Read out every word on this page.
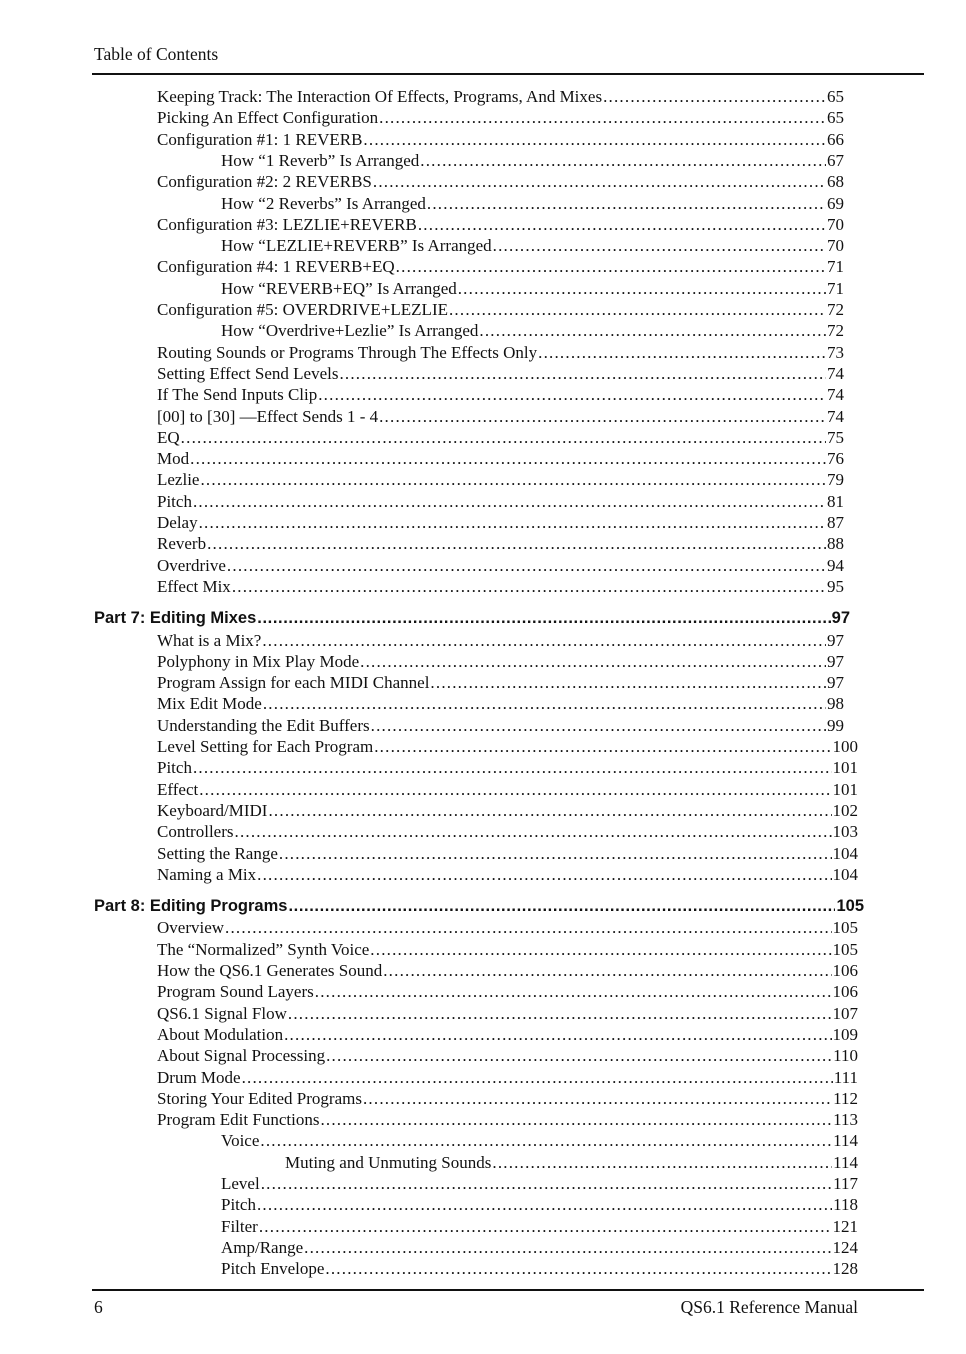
Table of Contents
Keeping Track: The Interaction Of Effects, Programs, And Mixes .....	65
Picking An Effect Configuration .....	65
Configuration #1: 1 REVERB .....	66
How “1 Reverb” Is Arranged .....	67
Configuration #2: 2 REVERBS .....	68
How “2 Reverbs” Is Arranged .....	69
Configuration #3: LEZLIE+REVERB .....	70
How “LEZLIE+REVERB” Is Arranged .....	70
Configuration #4: 1 REVERB+EQ .....	71
How “REVERB+EQ” Is Arranged .....	71
Configuration #5: OVERDRIVE+LEZLIE .....	72
How “Overdrive+Lezlie” Is Arranged .....	72
Routing Sounds or Programs Through The Effects Only .....	73
Setting Effect Send Levels .....	74
If The Send Inputs Clip .....	74
[00] to [30] —Effect Sends 1 - 4 .....	74
EQ .....	75
Mod .....	76
Lezlie .....	79
Pitch .....	81
Delay .....	87
Reverb .....	88
Overdrive .....	94
Effect Mix .....	95
Part 7: Editing Mixes .....	97
What is a Mix? .....	97
Polyphony in Mix Play Mode .....	97
Program Assign for each MIDI Channel .....	97
Mix Edit Mode .....	98
Understanding the Edit Buffers .....	99
Level Setting for Each Program .....	100
Pitch .....	101
Effect .....	101
Keyboard/MIDI .....	102
Controllers .....	103
Setting the Range .....	104
Naming a Mix .....	104
Part 8: Editing Programs .....	105
Overview .....	105
The “Normalized” Synth Voice .....	105
How the QS6.1 Generates Sound .....	106
Program Sound Layers .....	106
QS6.1 Signal Flow .....	107
About Modulation .....	109
About Signal Processing .....	110
Drum Mode .....	111
Storing Your Edited Programs .....	112
Program Edit Functions .....	113
Voice .....	114
Muting and Unmuting Sounds .....	114
Level .....	117
Pitch .....	118
Filter .....	121
Amp/Range .....	124
Pitch Envelope .....	128
6	QS6.1 Reference Manual
